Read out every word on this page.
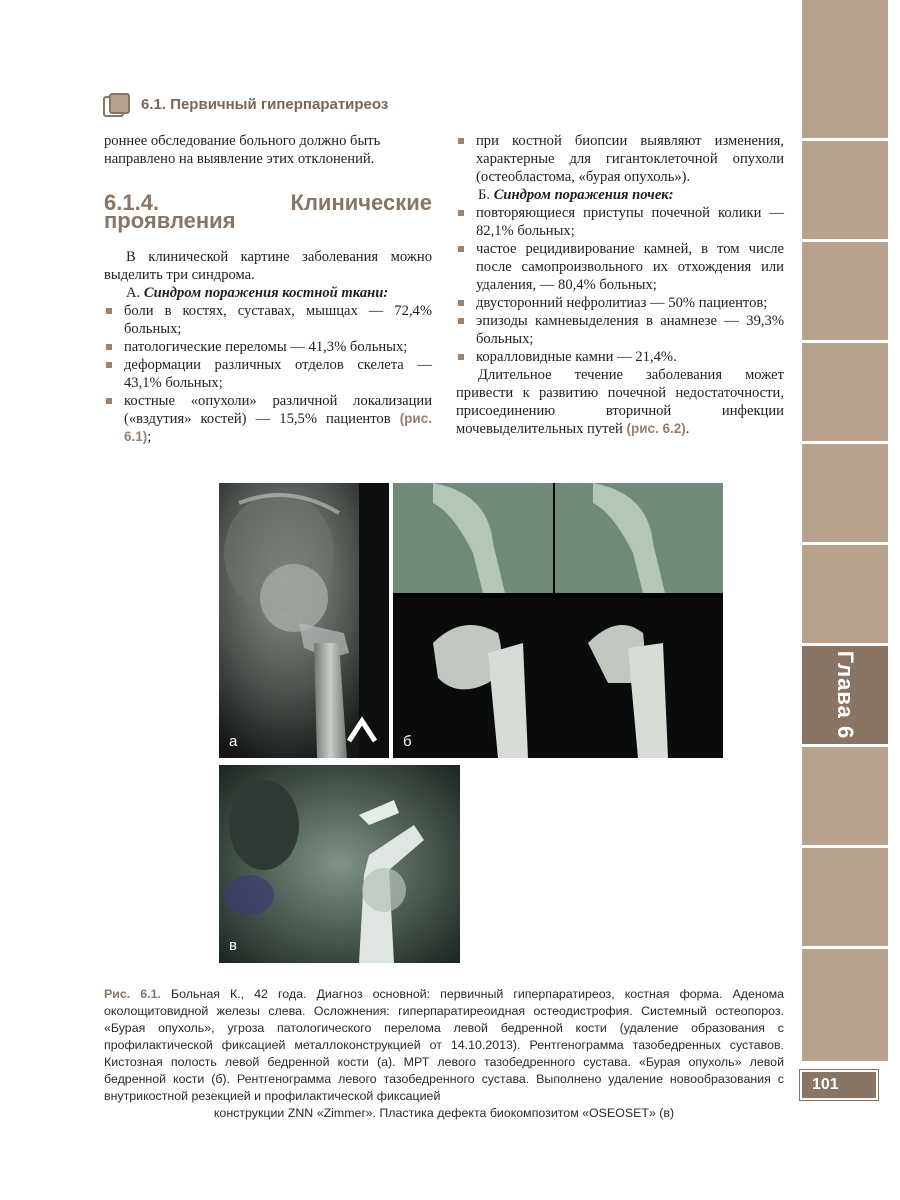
Глава 6
101
6.1. Первичный гиперпаратиреоз

роннее обследование больного должно быть

направлено на выявление этих отклонений.

6.1.4. Клинические проявления

В клинической картине заболевания можно выделить три синдрома.

А. Синдром поражения костной ткани:

боли в костях, суставах, мышцах — 72,4% больных;
патологические переломы — 41,3% больных;
деформации различных отделов скелета — 43,1% больных;
костные «опухоли» различной локализации («вздутия» костей) — 15,5% пациентов (рис. 6.1);
при костной биопсии выявляют изменения, характерные для гигантоклеточной опухоли (остеобластома, «бурая опухоль»).

Б. Синдром поражения почек:

повторяющиеся приступы почечной колики — 82,1% больных;
частое рецидивирование камней, в том числе после самопроизвольного их отхождения или удаления, — 80,4% больных;
двусторонний нефролитиаз — 50% пациентов;
эпизоды камневыделения в анамнезе — 39,3% больных;
коралловидные камни — 21,4%.

Длительное течение заболевания может привести к развитию почечной недостаточности, присоединению вторичной инфекции мочевыделительных путей (рис. 6.2).

а	б
в
Рис. 6.1. Больная К., 42 года. Диагноз основной: первичный гиперпаратиреоз, костная форма. Аденома околощитовидной железы слева. Осложнения: гиперпаратиреоидная остеодистрофия. Системный остеопороз. «Бурая опухоль», угроза патологического перелома левой бедренной кости (удаление образования с профилактической фиксацией металлоконструкцией от 14.10.2013). Рентгенограмма тазобедренных суставов. Кистозная полость левой бедренной кости (а). МРТ левого тазобедренного сустава. «Бурая опухоль» левой бедренной кости (б). Рентгенограмма левого тазобедренного сустава. Выполнено удаление новообразования с внутрикостной резекцией и профилактической фиксацией
конструкции ZNN «Zimmer». Пластика дефекта биокомпозитом «OSEOSET» (в)
